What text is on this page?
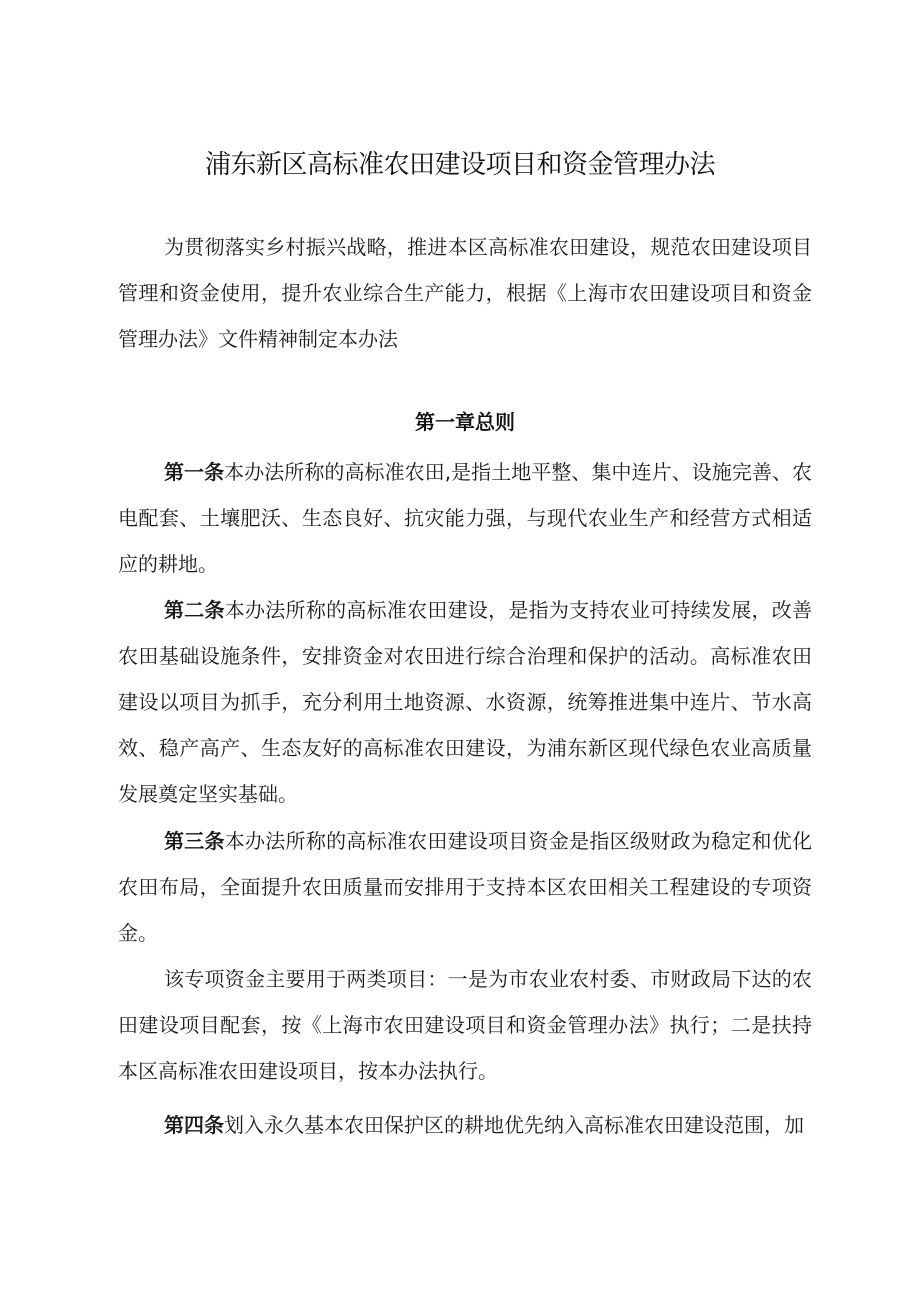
浦东新区高标准农田建设项目和资金管理办法

为贯彻落实乡村振兴战略，推进本区高标准农田建设，规范农田建设项目管理和资金使用，提升农业综合生产能力，根据《上海市农田建设项目和资金管理办法》文件精神制定本办法

第一章总则

第一条本办法所称的高标准农田,是指土地平整、集中连片、设施完善、农电配套、土壤肥沃、生态良好、抗灾能力强，与现代农业生产和经营方式相适应的耕地。

第二条本办法所称的高标准农田建设，是指为支持农业可持续发展，改善农田基础设施条件，安排资金对农田进行综合治理和保护的活动。高标准农田建设以项目为抓手，充分利用土地资源、水资源，统筹推进集中连片、节水高效、稳产高产、生态友好的高标准农田建设，为浦东新区现代绿色农业高质量发展奠定坚实基础。

第三条本办法所称的高标准农田建设项目资金是指区级财政为稳定和优化农田布局，全面提升农田质量而安排用于支持本区农田相关工程建设的专项资金。

该专项资金主要用于两类项目：一是为市农业农村委、市财政局下达的农田建设项目配套，按《上海市农田建设项目和资金管理办法》执行；二是扶持本区高标准农田建设项目，按本办法执行。

第四条划入永久基本农田保护区的耕地优先纳入高标准农田建设范围，加
